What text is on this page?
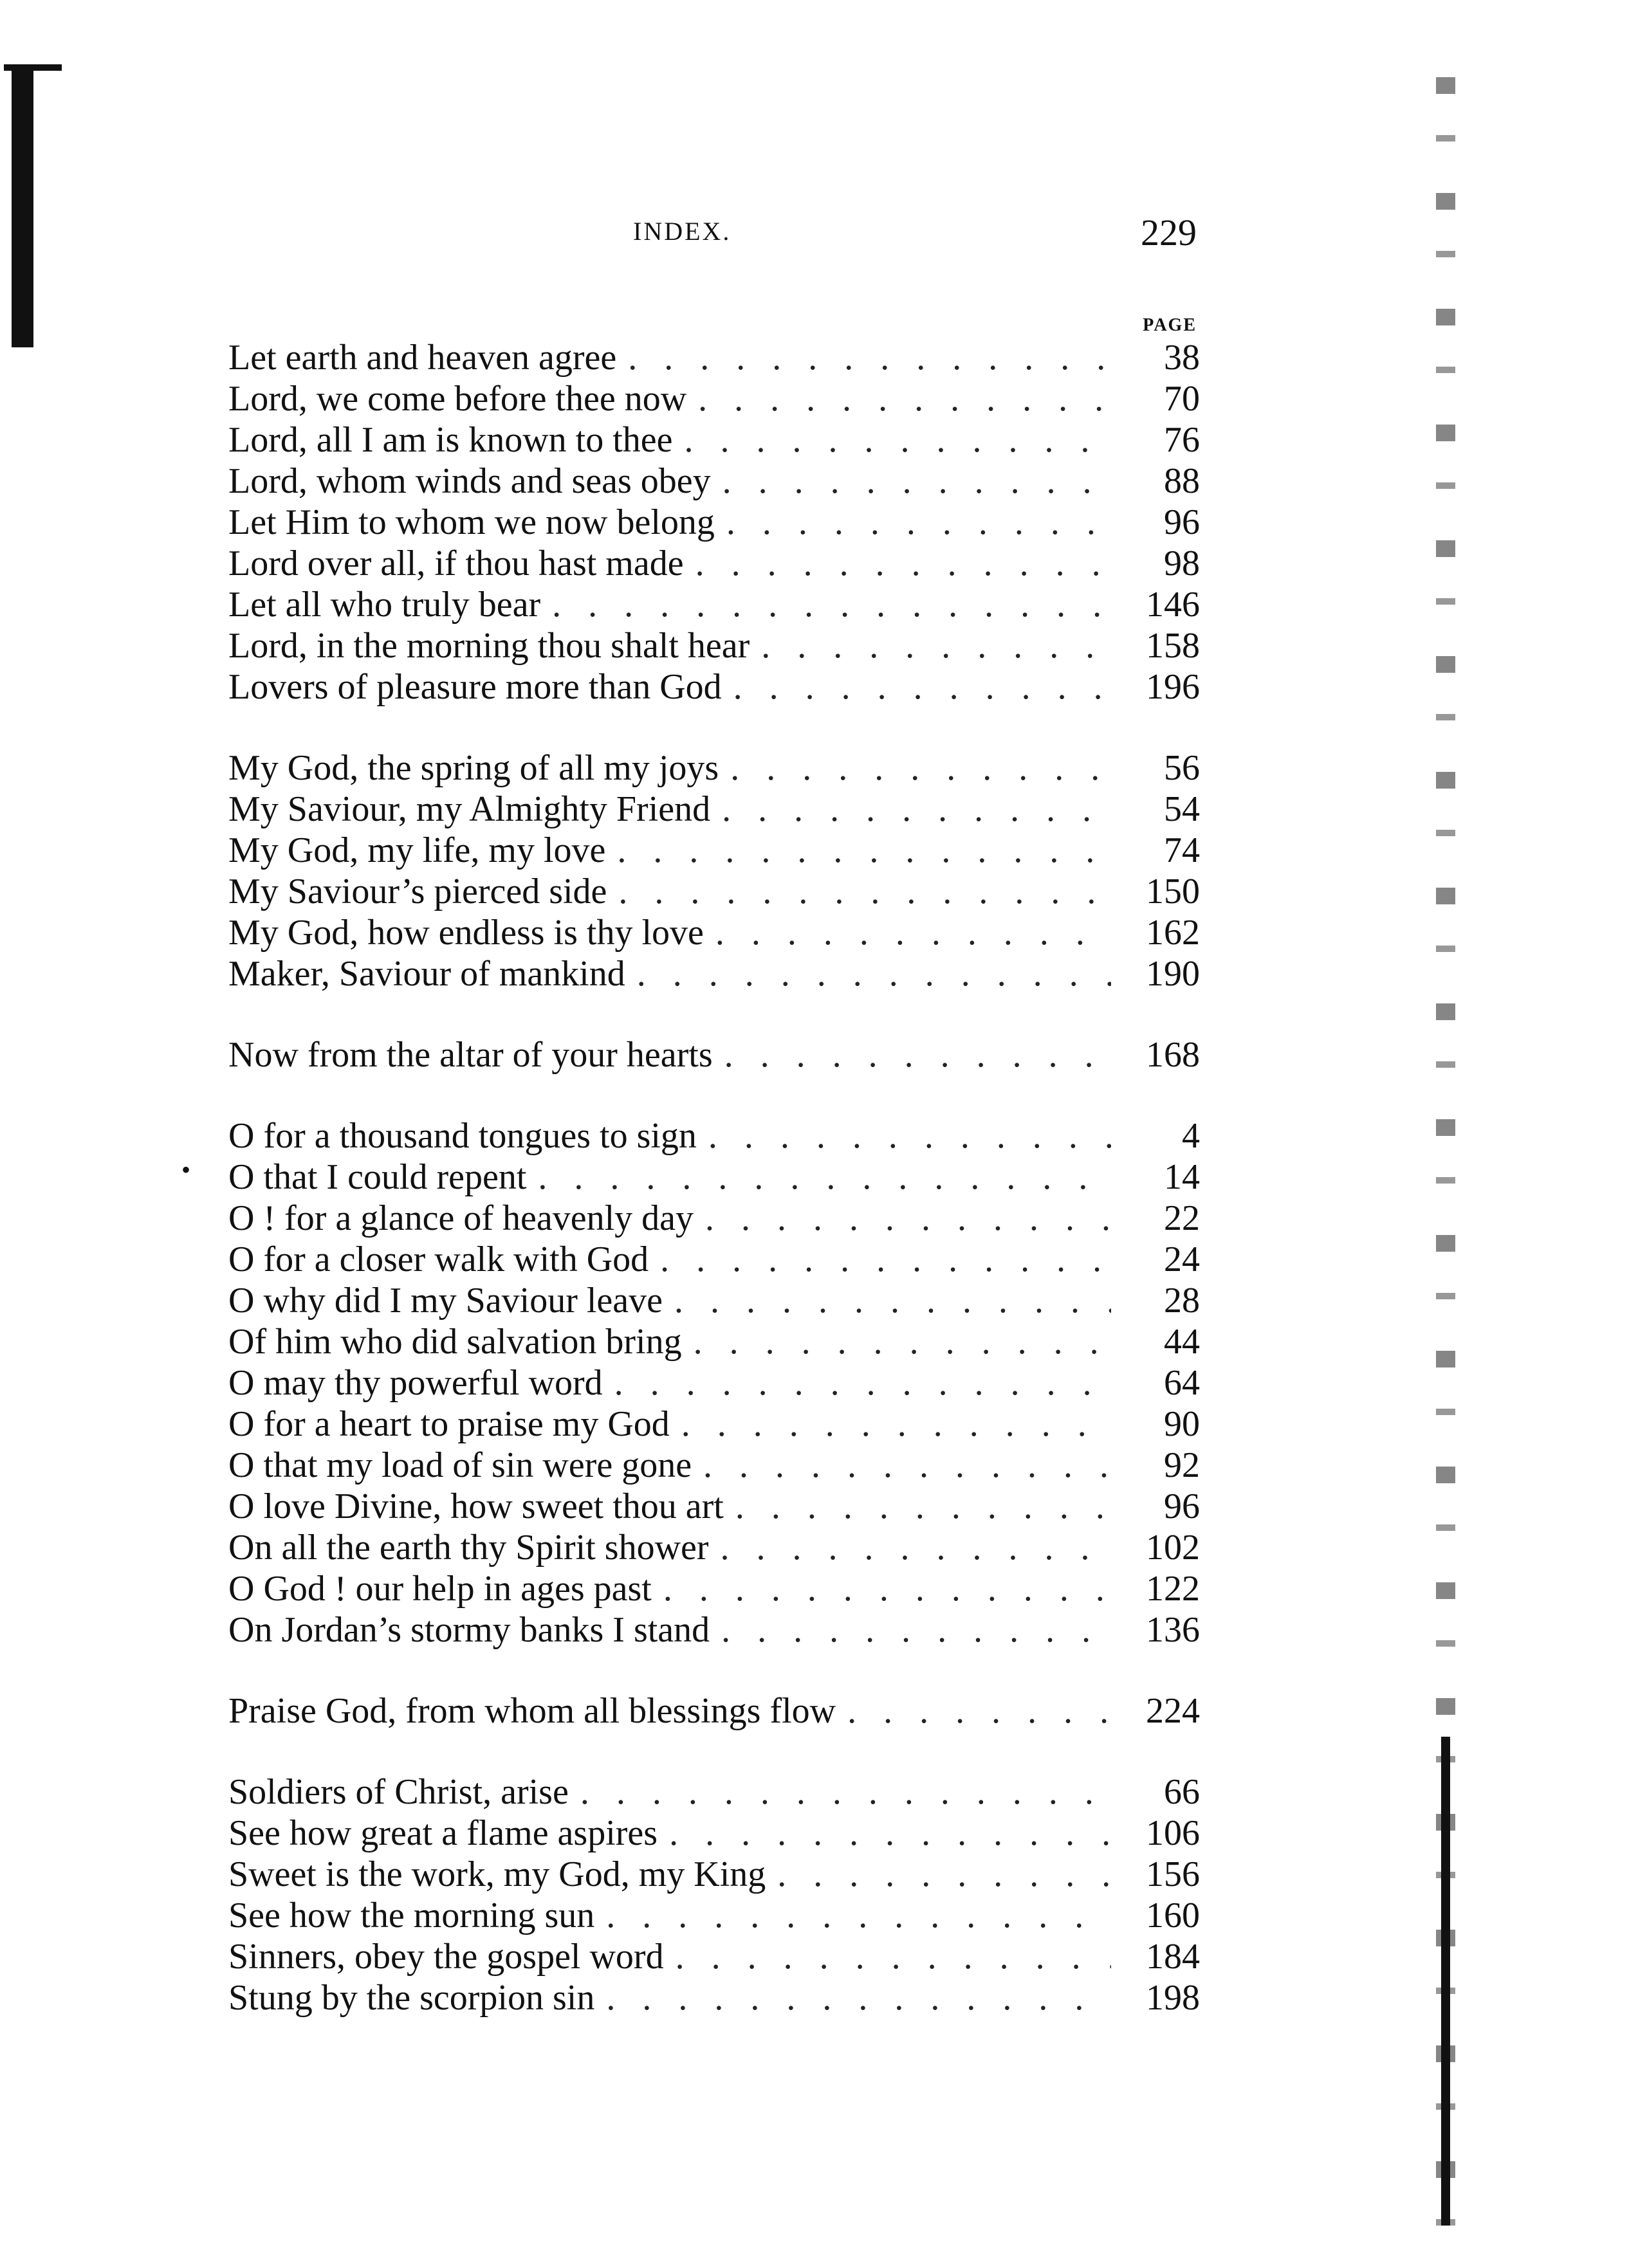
INDEX.	229
PAGE
•
Let earth and heaven agree . . .	38
Lord, we come before thee now . . .	70
Lord, all I am is known to thee . . .	76
Lord, whom winds and seas obey . . .	88
Let Him to whom we now belong . . .	96
Lord over all, if thou hast made . . .	98
Let all who truly bear . . .	146
Lord, in the morning thou shalt hear . . .	158
Lovers of pleasure more than God . . .	196
My God, the spring of all my joys . . .	56
My Saviour, my Almighty Friend . . .	54
My God, my life, my love . . .	74
My Saviour’s pierced side . . .	150
My God, how endless is thy love . . .	162
Maker, Saviour of mankind . . .	190
Now from the altar of your hearts . . .	168
O for a thousand tongues to sign . . .	4
O that I could repent . . .	14
O ! for a glance of heavenly day . . .	22
O for a closer walk with God . . .	24
O why did I my Saviour leave . . .	28
Of him who did salvation bring . . .	44
O may thy powerful word . . .	64
O for a heart to praise my God . . .	90
O that my load of sin were gone . . .	92
O love Divine, how sweet thou art . . .	96
On all the earth thy Spirit shower . . .	102
O God ! our help in ages past . . .	122
On Jordan’s stormy banks I stand . . .	136
Praise God, from whom all blessings flow . . .	224
Soldiers of Christ, arise . . .	66
See how great a flame aspires . . .	106
Sweet is the work, my God, my King . . .	156
See how the morning sun . . .	160
Sinners, obey the gospel word . . .	184
Stung by the scorpion sin . . .	198
